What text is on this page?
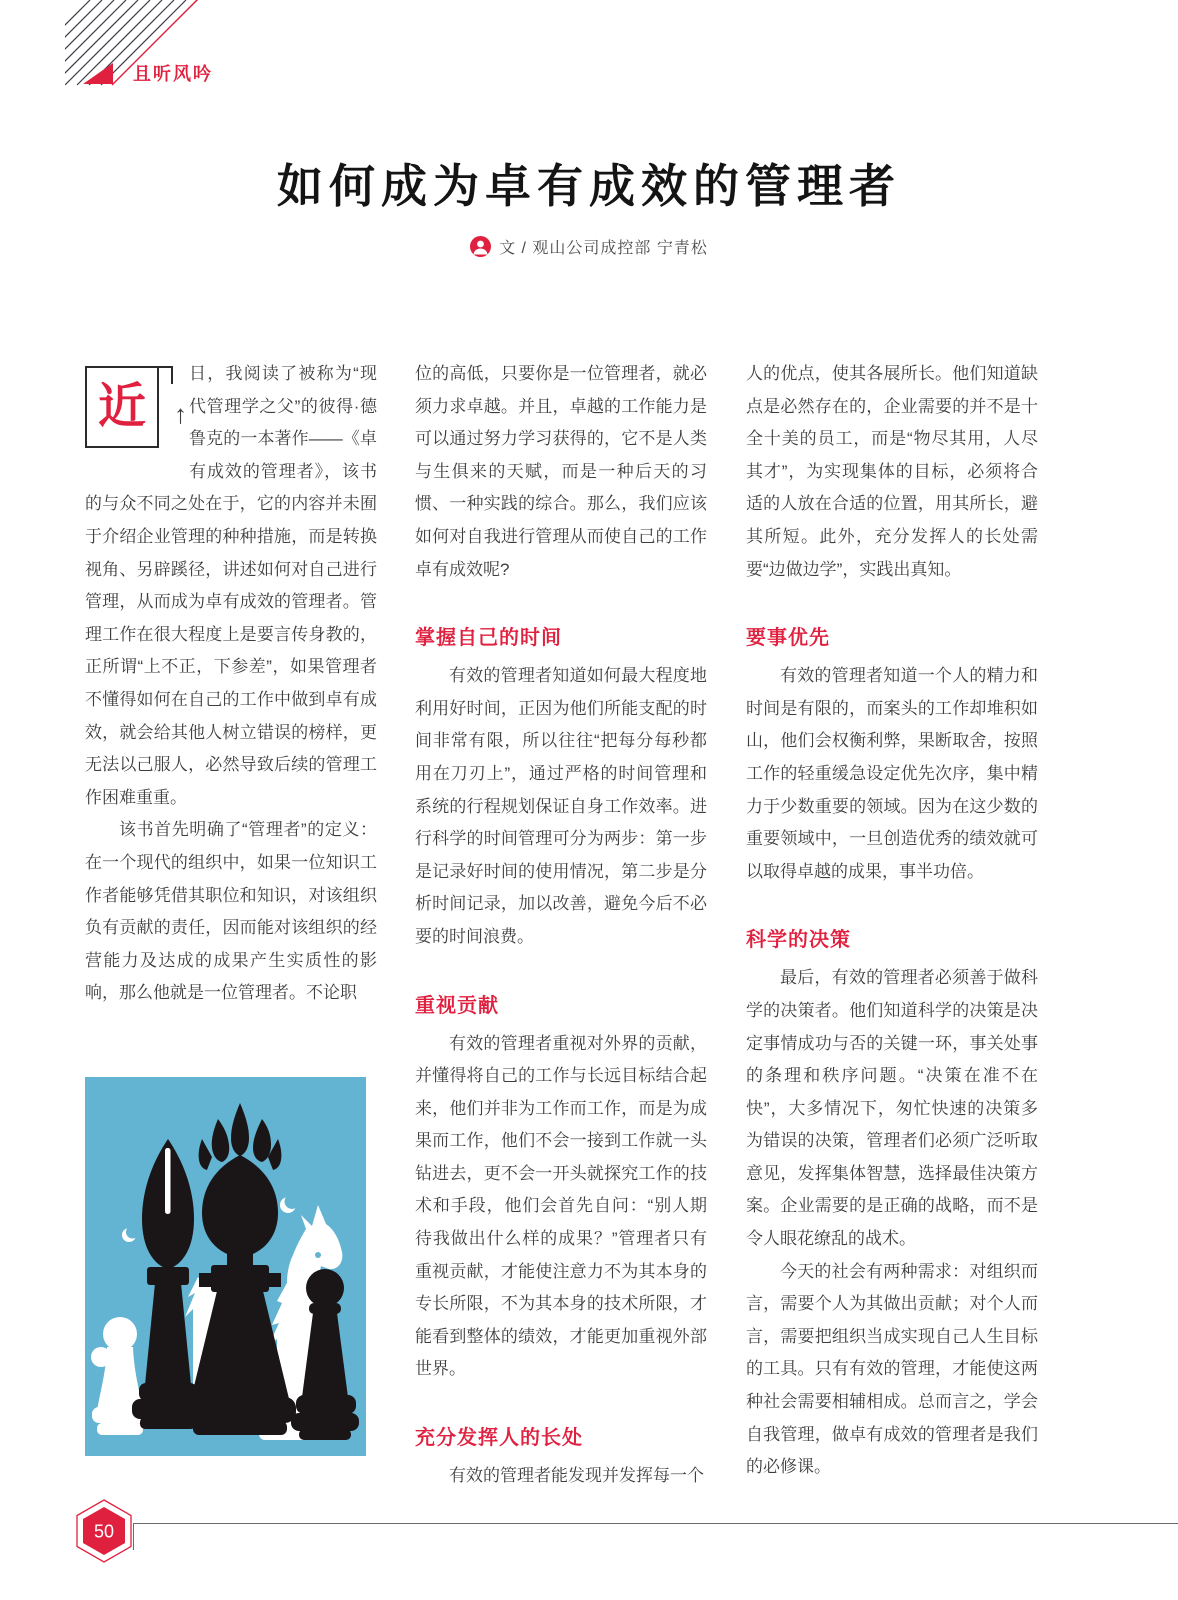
且听风吟
如何成为卓有成效的管理者
文 / 观山公司成控部 宁青松
近	↑
日，我阅读了被称为“现代管理学之父”的彼得·德鲁克的一本著作——《卓有成效的管理者》，该书的与众不同之处在于，它的内容并未囿于介绍企业管理的种种措施，而是转换视角、另辟蹊径，讲述如何对自己进行管理，从而成为卓有成效的管理者。管理工作在很大程度上是要言传身教的，正所谓“上不正，下参差”，如果管理者不懂得如何在自己的工作中做到卓有成效，就会给其他人树立错误的榜样，更无法以己服人，必然导致后续的管理工作困难重重。

该书首先明确了“管理者”的定义：在一个现代的组织中，如果一位知识工作者能够凭借其职位和知识，对该组织负有贡献的责任，因而能对该组织的经营能力及达成的成果产生实质性的影响，那么他就是一位管理者。不论职

位的高低，只要你是一位管理者，就必须力求卓越。并且，卓越的工作能力是可以通过努力学习获得的，它不是人类与生俱来的天赋，而是一种后天的习惯、一种实践的综合。那么，我们应该如何对自我进行管理从而使自己的工作卓有成效呢?

掌握自己的时间

有效的管理者知道如何最大程度地利用好时间，正因为他们所能支配的时间非常有限，所以往往“把每分每秒都用在刀刃上”，通过严格的时间管理和系统的行程规划保证自身工作效率。进行科学的时间管理可分为两步：第一步是记录好时间的使用情况，第二步是分析时间记录，加以改善，避免今后不必要的时间浪费。

重视贡献

有效的管理者重视对外界的贡献，并懂得将自己的工作与长远目标结合起来，他们并非为工作而工作，而是为成果而工作，他们不会一接到工作就一头钻进去，更不会一开头就探究工作的技术和手段，他们会首先自问：“别人期待我做出什么样的成果？”管理者只有重视贡献，才能使注意力不为其本身的专长所限，不为其本身的技术所限，才能看到整体的绩效，才能更加重视外部世界。

充分发挥人的长处

有效的管理者能发现并发挥每一个

人的优点，使其各展所长。他们知道缺点是必然存在的，企业需要的并不是十全十美的员工，而是“物尽其用，人尽其才”，为实现集体的目标，必须将合适的人放在合适的位置，用其所长，避其所短。此外，充分发挥人的长处需要“边做边学”，实践出真知。

要事优先

有效的管理者知道一个人的精力和时间是有限的，而案头的工作却堆积如山，他们会权衡利弊，果断取舍，按照工作的轻重缓急设定优先次序，集中精力于少数重要的领域。因为在这少数的重要领域中，一旦创造优秀的绩效就可以取得卓越的成果，事半功倍。

科学的决策

最后，有效的管理者必须善于做科学的决策者。他们知道科学的决策是决定事情成功与否的关键一环，事关处事的条理和秩序问题。“决策在准不在快”，大多情况下，匆忙快速的决策多为错误的决策，管理者们必须广泛听取意见，发挥集体智慧，选择最佳决策方案。企业需要的是正确的战略，而不是令人眼花缭乱的战术。

今天的社会有两种需求：对组织而言，需要个人为其做出贡献；对个人而言，需要把组织当成实现自己人生目标的工具。只有有效的管理，才能使这两种社会需要相辅相成。总而言之，学会自我管理，做卓有成效的管理者是我们的必修课。

50
